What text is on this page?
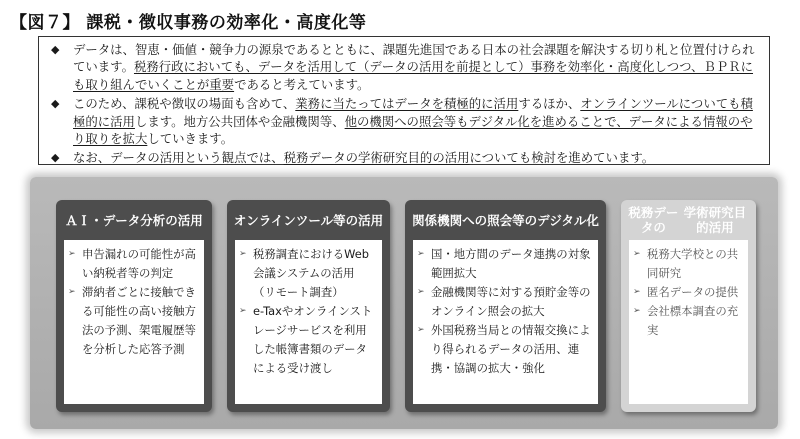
【図７】 課税・徴収事務の効率化・高度化等
◆ データは、智恵・価値・競争力の源泉であるとともに、課題先進国である日本の社会課題を解決する切り札と位置付けられています。税務行政においても、データを活用して（データの活用を前提として）事務を効率化・高度化しつつ、ＢＰＲにも取り組んでいくことが重要であると考えています。
◆ このため、課税や徴収の場面も含めて、業務に当たってはデータを積極的に活用するほか、オンラインツールについても積極的に活用します。地方公共団体や金融機関等、他の機関への照会等もデジタル化を進めることで、データによる情報のやり取りを拡大していきます。
◆ なお、データの活用という観点では、税務データの学術研究目的の活用についても検討を進めています。
ＡＩ・データ分析の活用
➢ 申告漏れの可能性が高い納税者等の判定
➢ 滞納者ごとに接触できる可能性の高い接触方法の予測、架電履歴等を分析した応答予測
オンラインツール等の活用
➢ 税務調査におけるWeb会議システムの活用（リモート調査）
➢ e-Taxやオンラインストレージサービスを利用した帳簿書類のデータによる受け渡し
関係機関への照会等の デジタル化
➢ 国・地方間のデータ連携の対象範囲拡大
➢ 金融機関等に対する預貯金等のオンライン照会の拡大
➢ 外国税務当局との情報交換により得られるデータの活用、連携・協調の拡大・強化
税務データの

学術研究目的活用
➢ 税務大学校との共同研究
➢ 匿名データの提供
➢ 会社標本調査の充実
